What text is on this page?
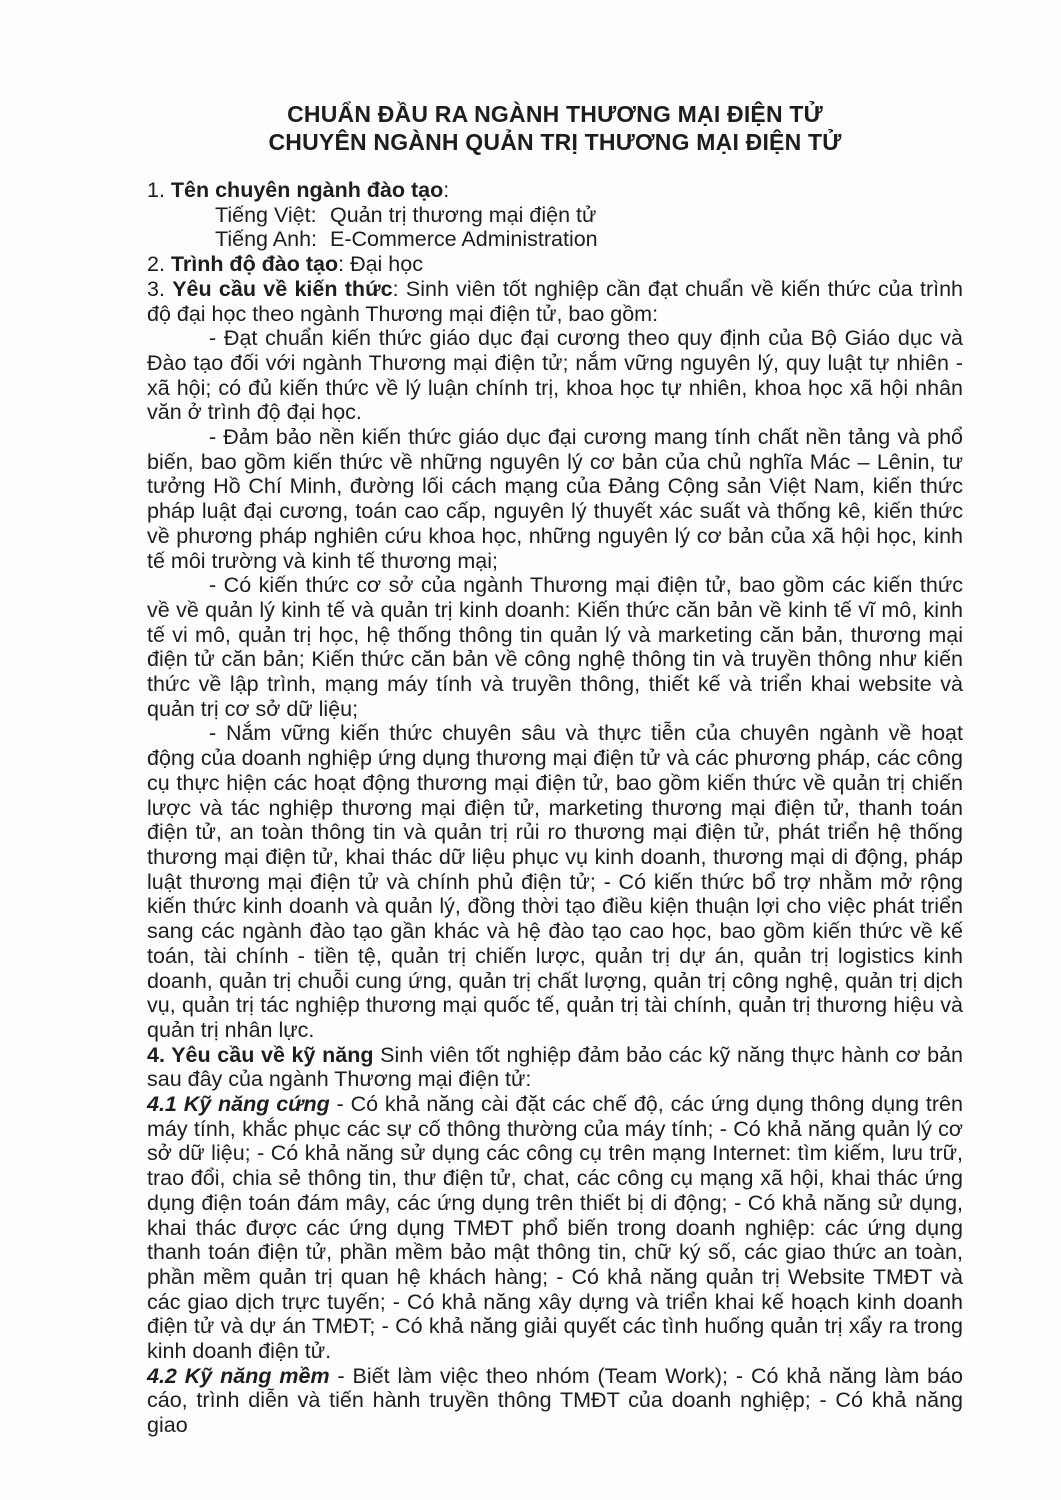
CHUẨN ĐẦU RA NGÀNH THƯƠNG MẠI ĐIỆN TỬ
CHUYÊN NGÀNH QUẢN TRỊ THƯƠNG MẠI ĐIỆN TỬ

1. Tên chuyên ngành đào tạo:

Tiếng Việt: Quản trị thương mại điện tử

Tiếng Anh: E-Commerce Administration

2. Trình độ đào tạo: Đại học

3. Yêu cầu về kiến thức: Sinh viên tốt nghiệp cần đạt chuẩn về kiến thức của trình độ đại học theo ngành Thương mại điện tử, bao gồm:

- Đạt chuẩn kiến thức giáo dục đại cương theo quy định của Bộ Giáo dục và Đào tạo đối với ngành Thương mại điện tử; nắm vững nguyên lý, quy luật tự nhiên - xã hội; có đủ kiến thức về lý luận chính trị, khoa học tự nhiên, khoa học xã hội nhân văn ở trình độ đại học.

- Đảm bảo nền kiến thức giáo dục đại cương mang tính chất nền tảng và phổ biến, bao gồm kiến thức về những nguyên lý cơ bản của chủ nghĩa Mác – Lênin, tư tưởng Hồ Chí Minh, đường lối cách mạng của Đảng Cộng sản Việt Nam, kiến thức pháp luật đại cương, toán cao cấp, nguyên lý thuyết xác suất và thống kê, kiến thức về phương pháp nghiên cứu khoa học, những nguyên lý cơ bản của xã hội học, kinh tế môi trường và kinh tế thương mại;

- Có kiến thức cơ sở của ngành Thương mại điện tử, bao gồm các kiến thức về về quản lý kinh tế và quản trị kinh doanh: Kiến thức căn bản về kinh tế vĩ mô, kinh tế vi mô, quản trị học, hệ thống thông tin quản lý và marketing căn bản, thương mại điện tử căn bản; Kiến thức căn bản về công nghệ thông tin và truyền thông như kiến thức về lập trình, mạng máy tính và truyền thông, thiết kế và triển khai website và quản trị cơ sở dữ liệu;

- Nắm vững kiến thức chuyên sâu và thực tiễn của chuyên ngành về hoạt động của doanh nghiệp ứng dụng thương mại điện tử và các phương pháp, các công cụ thực hiện các hoạt động thương mại điện tử, bao gồm kiến thức về quản trị chiến lược và tác nghiệp thương mại điện tử, marketing thương mại điện tử, thanh toán điện tử, an toàn thông tin và quản trị rủi ro thương mại điện tử, phát triển hệ thống thương mại điện tử, khai thác dữ liệu phục vụ kinh doanh, thương mại di động, pháp luật thương mại điện tử và chính phủ điện tử; - Có kiến thức bổ trợ nhằm mở rộng kiến thức kinh doanh và quản lý, đồng thời tạo điều kiện thuận lợi cho việc phát triển sang các ngành đào tạo gần khác và hệ đào tạo cao học, bao gồm kiến thức về kế toán, tài chính - tiền tệ, quản trị chiến lược, quản trị dự án, quản trị logistics kinh doanh, quản trị chuỗi cung ứng, quản trị chất lượng, quản trị công nghệ, quản trị dịch vụ, quản trị tác nghiệp thương mại quốc tế, quản trị tài chính, quản trị thương hiệu và quản trị nhân lực.

4. Yêu cầu về kỹ năng Sinh viên tốt nghiệp đảm bảo các kỹ năng thực hành cơ bản sau đây của ngành Thương mại điện tử:

4.1 Kỹ năng cứng - Có khả năng cài đặt các chế độ, các ứng dụng thông dụng trên máy tính, khắc phục các sự cố thông thường của máy tính; - Có khả năng quản lý cơ sở dữ liệu; - Có khả năng sử dụng các công cụ trên mạng Internet: tìm kiếm, lưu trữ, trao đổi, chia sẻ thông tin, thư điện tử, chat, các công cụ mạng xã hội, khai thác ứng dụng điện toán đám mây, các ứng dụng trên thiết bị di động; - Có khả năng sử dụng, khai thác được các ứng dụng TMĐT phổ biến trong doanh nghiệp: các ứng dụng thanh toán điện tử, phần mềm bảo mật thông tin, chữ ký số, các giao thức an toàn, phần mềm quản trị quan hệ khách hàng; - Có khả năng quản trị Website TMĐT và các giao dịch trực tuyến; - Có khả năng xây dựng và triển khai kế hoạch kinh doanh điện tử và dự án TMĐT; - Có khả năng giải quyết các tình huống quản trị xẩy ra trong kinh doanh điện tử.

4.2 Kỹ năng mềm - Biết làm việc theo nhóm (Team Work); - Có khả năng làm báo cáo, trình diễn và tiến hành truyền thông TMĐT của doanh nghiệp; - Có khả năng giao
